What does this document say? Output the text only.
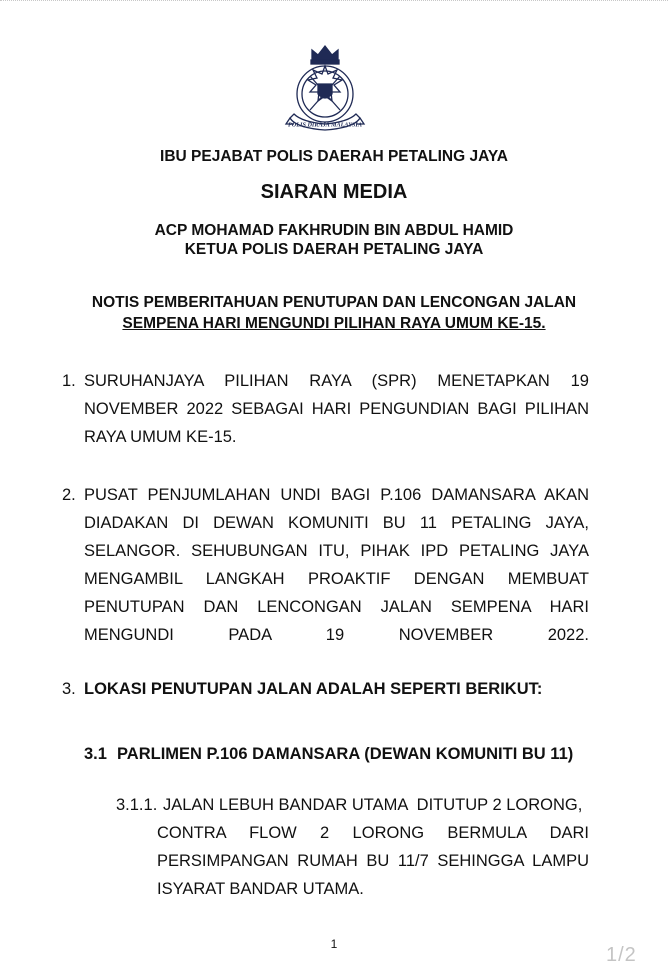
POLIS DIRAJA MALAYSIA
IBU PEJABAT POLIS DAERAH PETALING JAYA
SIARAN MEDIA
ACP MOHAMAD FAKHRUDIN BIN ABDUL HAMID
KETUA POLIS DAERAH PETALING JAYA
NOTIS PEMBERITAHUAN PENUTUPAN DAN LENCONGAN JALAN
SEMPENA HARI MENGUNDI PILIHAN RAYA UMUM KE-15.
1. SURUHANJAYA PILIHAN RAYA (SPR) MENETAPKAN 19
NOVEMBER 2022 SEBAGAI HARI PENGUNDIAN BAGI PILIHAN
RAYA UMUM KE-15.
2. PUSAT PENJUMLAHAN UNDI BAGI P.106 DAMANSARA AKAN
DIADAKAN DI DEWAN KOMUNITI BU 11 PETALING JAYA,
SELANGOR. SEHUBUNGAN ITU, PIHAK IPD PETALING JAYA
MENGAMBIL LANGKAH PROAKTIF DENGAN MEMBUAT
PENUTUPAN DAN LENCONGAN JALAN SEMPENA HARI
MENGUNDI PADA 19 NOVEMBER 2022.
3. LOKASI PENUTUPAN JALAN ADALAH SEPERTI BERIKUT:
3.1 PARLIMEN P.106 DAMANSARA (DEWAN KOMUNITI BU 11)
3.1.1. JALAN LEBUH BANDAR UTAMA  DITUTUP 2 LORONG,
CONTRA FLOW 2 LORONG BERMULA DARI
PERSIMPANGAN RUMAH BU 11/7 SEHINGGA LAMPU
ISYARAT BANDAR UTAMA.
1	1/2
